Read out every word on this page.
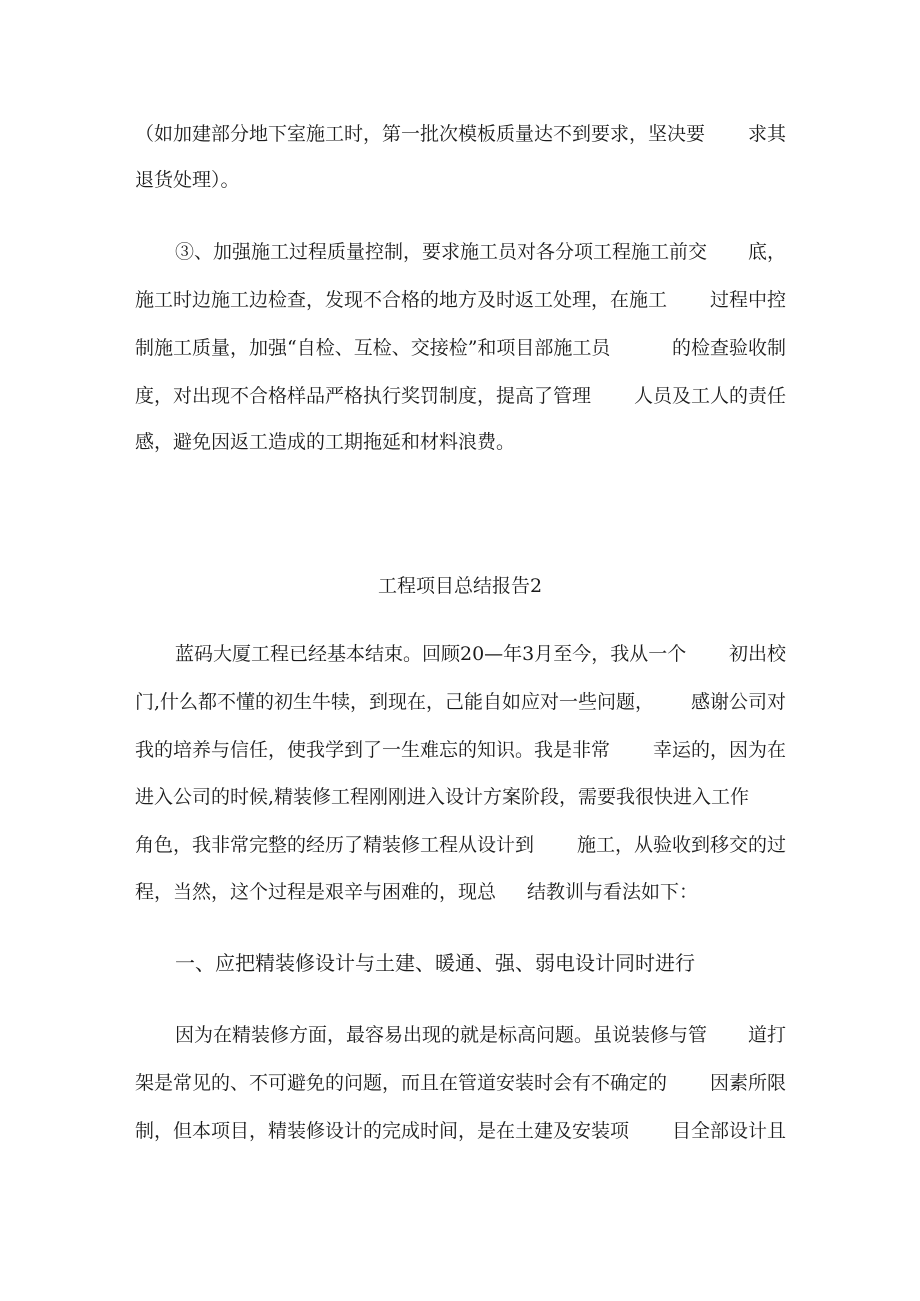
（如加建部分地下室施工时，第一批次模板质量达不到要求，坚决要 求其
退货处理）。
③、加强施工过程质量控制，要求施工员对各分项工程施工前交 底，
施工时边施工边检查，发现不合格的地方及时返工处理，在施工 过程中控
制施工质量，加强“自检、互检、交接检”和项目部施工员	的检查验收制
度，对出现不合格样品严格执行奖罚制度，提高了管理 人员及工人的责任
感，避免因返工造成的工期拖延和材料浪费。
工程项目总结报告2
蓝码大厦工程已经基本结束。回顾20—年3月至今，我从一个 初出校
门,什么都不懂的初生牛犊，到现在，己能自如应对一些问题， 感谢公司对
我的培养与信任，使我学到了一生难忘的知识。我是非常 幸运的，因为在
进入公司的时候,精装修工程刚刚进入设计方案阶段，需要我很快进入工作
角色，我非常完整的经历了精装修工程从设计到 施工，从验收到移交的过
程，当然，这个过程是艰辛与困难的，现总 结教训与看法如下：
一、应把精装修设计与土建、暖通、强、弱电设计同时进行
因为在精装修方面，最容易出现的就是标高问题。虽说装修与管 道打
架是常见的、不可避免的问题，而且在管道安装时会有不确定的 因素所限
制，但本项目，精装修设计的完成时间，是在土建及安装项 目全部设计且
